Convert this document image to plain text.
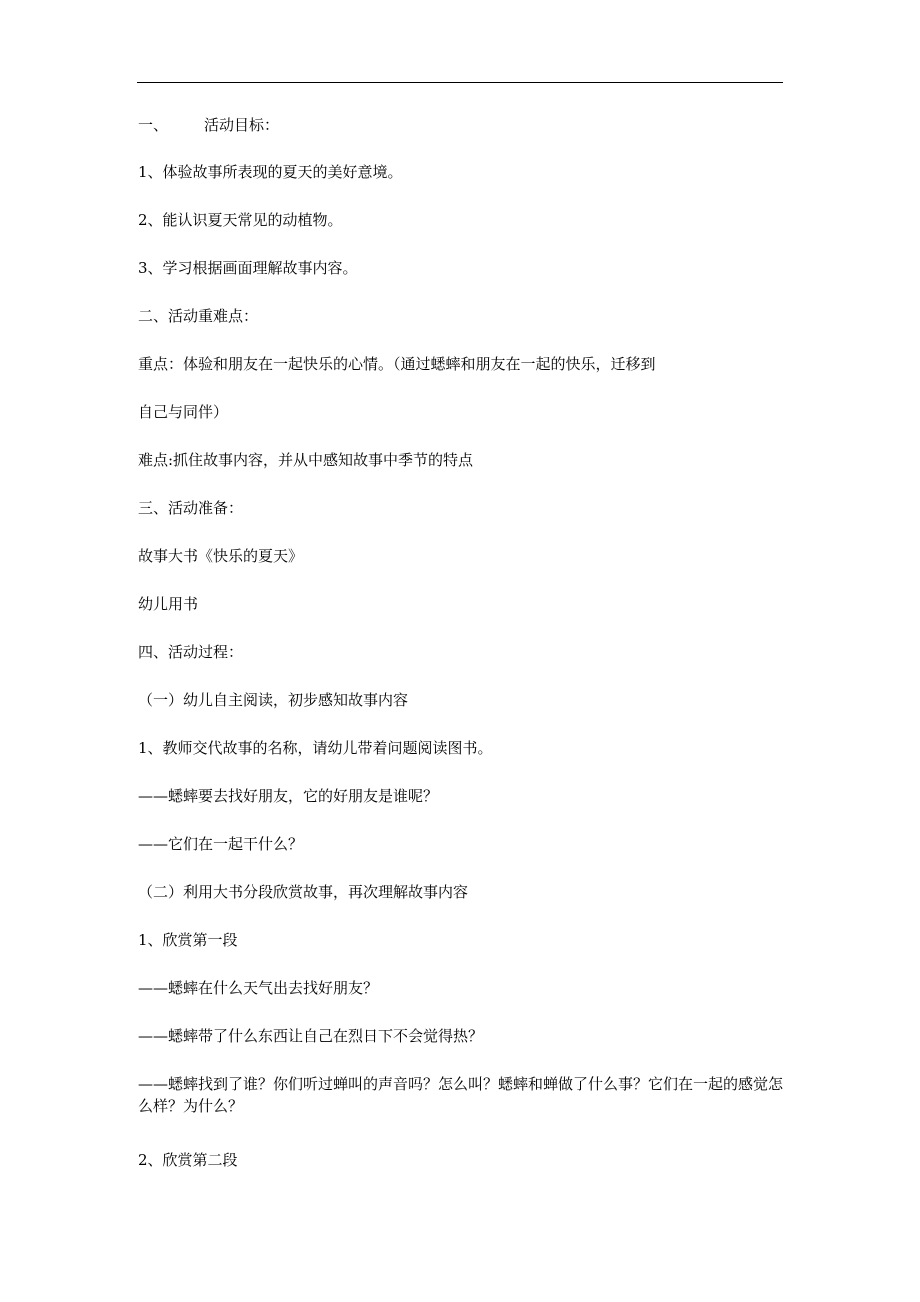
一、 活动目标：

1、体验故事所表现的夏天的美好意境。

2、能认识夏天常见的动植物。

3、学习根据画面理解故事内容。

二、活动重难点：

重点：体验和朋友在一起快乐的心情。（通过蟋蟀和朋友在一起的快乐，迁移到

自己与同伴）

难点:抓住故事内容，并从中感知故事中季节的特点

三、活动准备：

故事大书《快乐的夏天》

幼儿用书

四、活动过程：

（一）幼儿自主阅读，初步感知故事内容

1、教师交代故事的名称，请幼儿带着问题阅读图书。

——蟋蟀要去找好朋友，它的好朋友是谁呢？

——它们在一起干什么？

（二）利用大书分段欣赏故事，再次理解故事内容

1、欣赏第一段

——蟋蟀在什么天气出去找好朋友？

——蟋蟀带了什么东西让自己在烈日下不会觉得热？

——蟋蟀找到了谁？你们听过蝉叫的声音吗？怎么叫？蟋蟀和蝉做了什么事？它们在一起的感觉怎么样？为什么？

2、欣赏第二段
